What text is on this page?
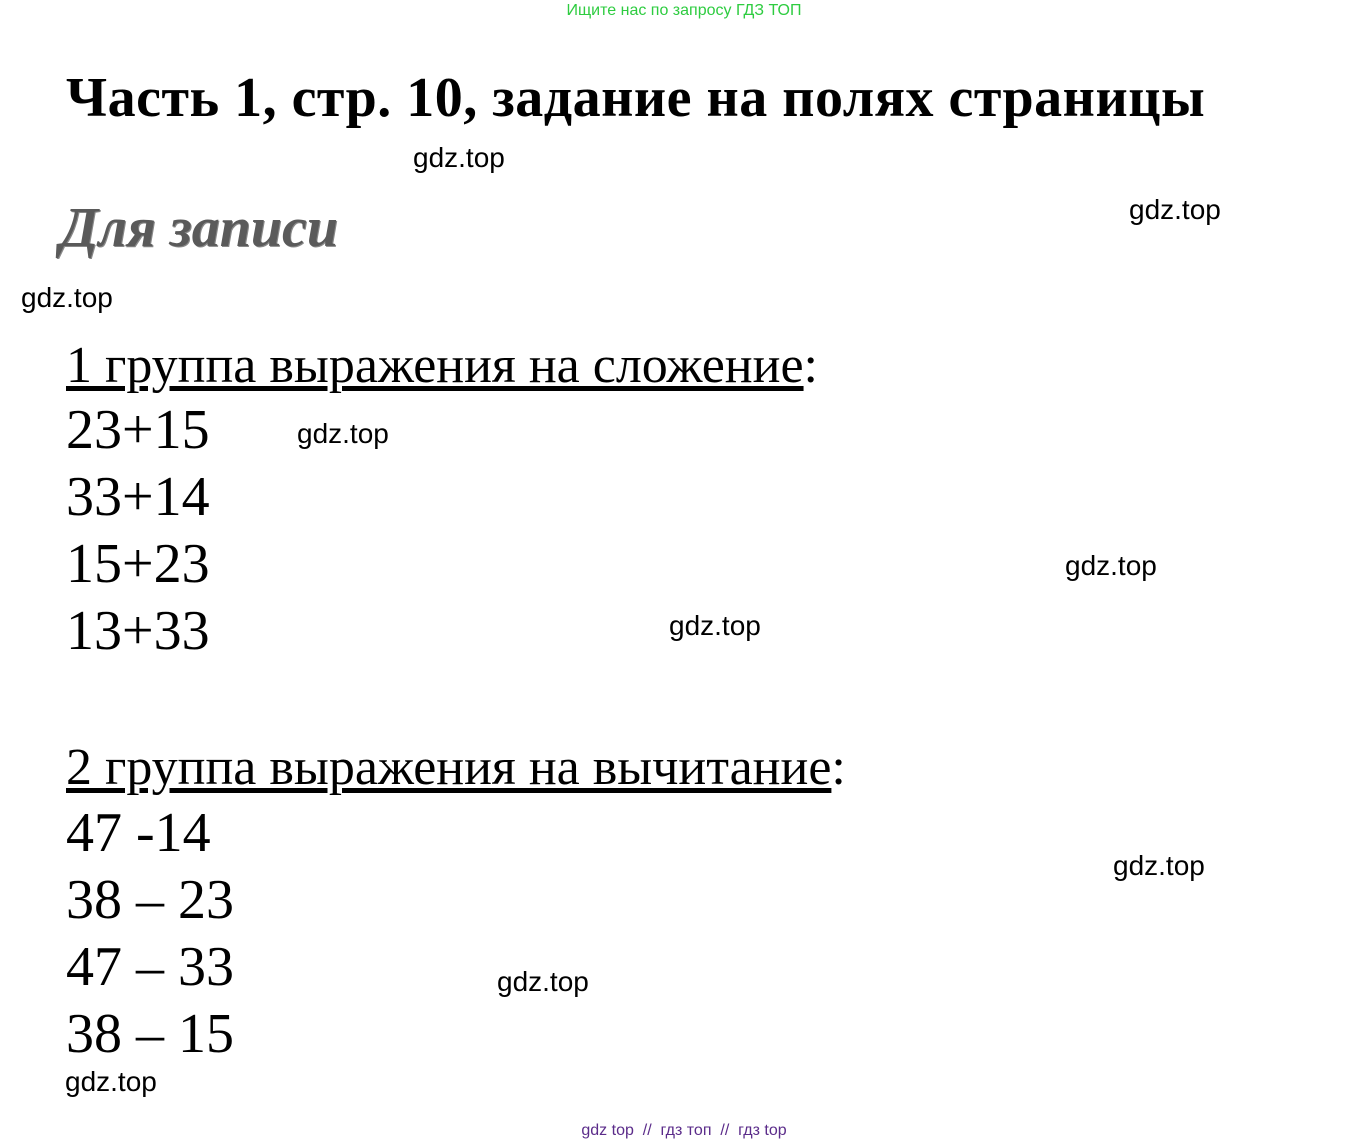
Ищите нас по запросу ГДЗ ТОП
Часть 1, стр. 10, задание на полях страницы
Для записи
1 группа выражения на сложение:
23+15
33+14
15+23
13+33
2 группа выражения на вычитание:
47 -14
38 – 23
47 – 33
38 – 15
gdz.top
gdz.top
gdz.top
gdz.top
gdz.top
gdz.top
gdz.top
gdz.top
gdz.top
gdz top  //  гдз топ  //  гдз top
